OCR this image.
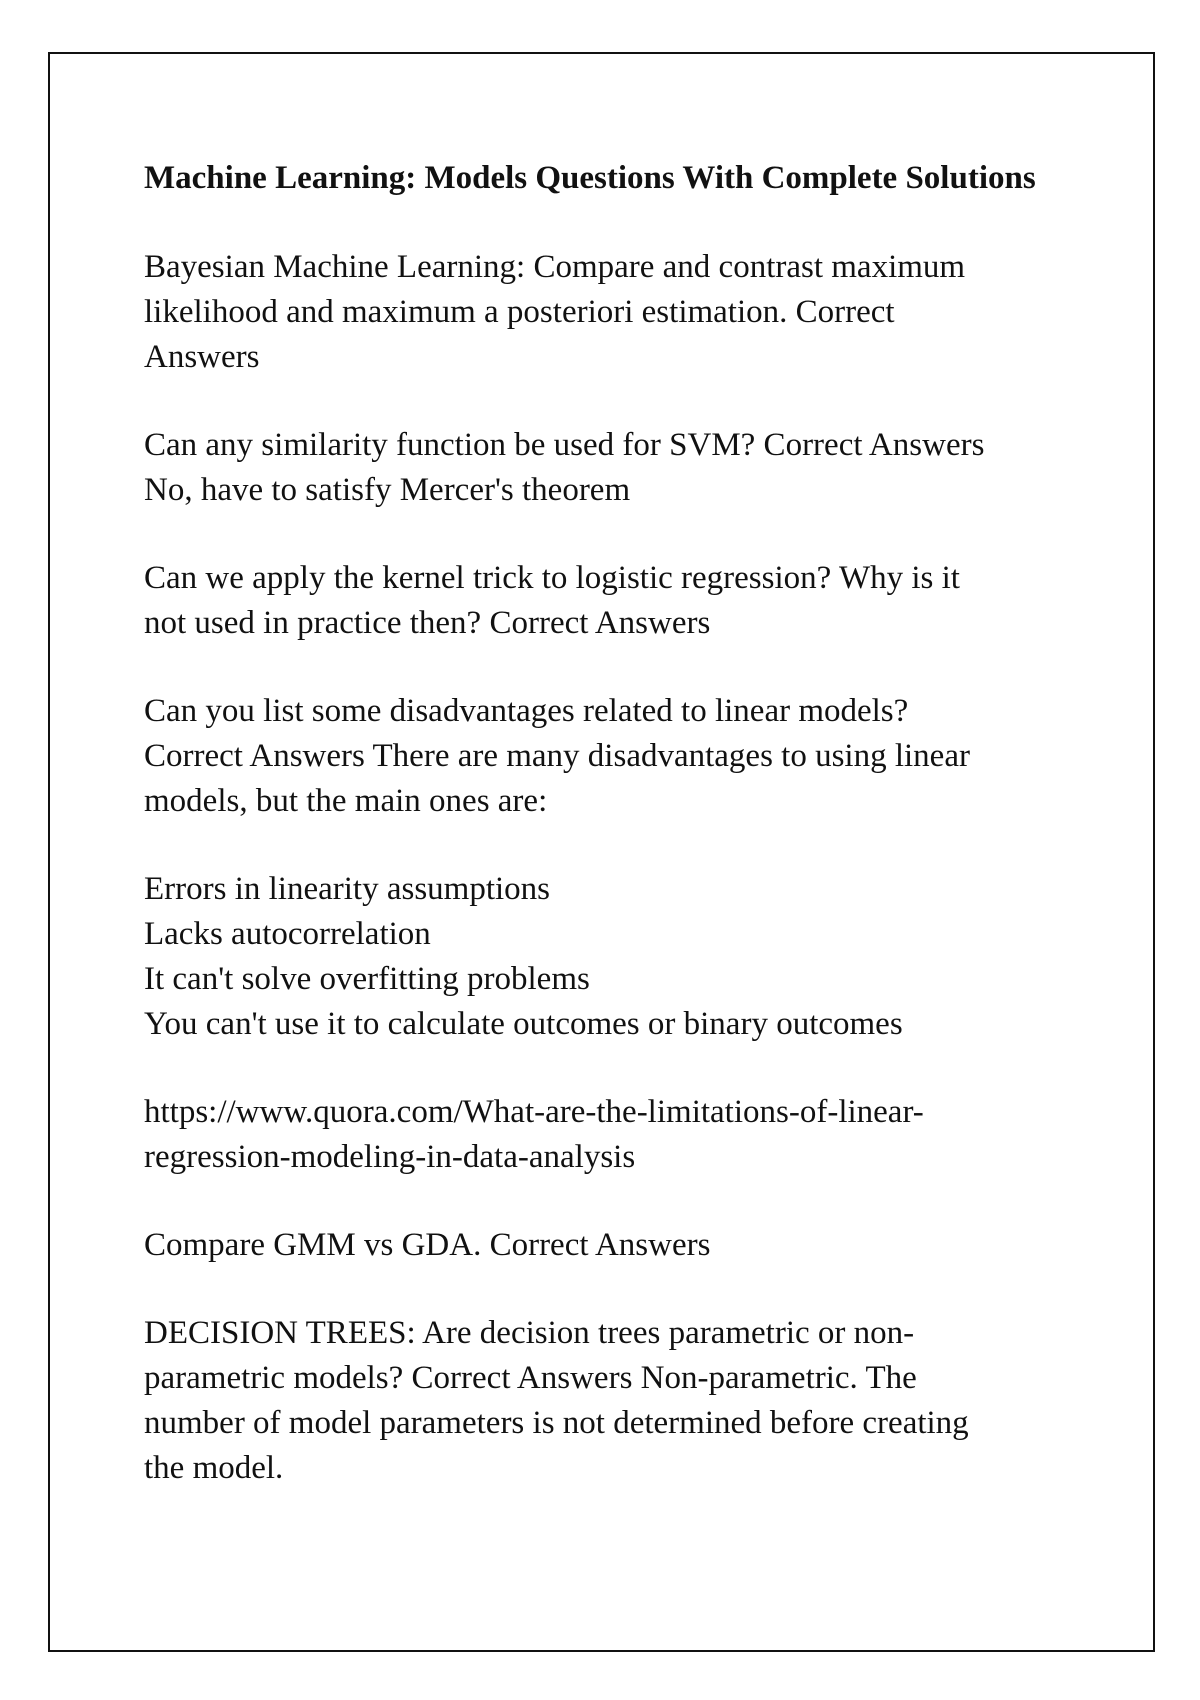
Machine Learning: Models Questions With Complete Solutions
Bayesian Machine Learning: Compare and contrast maximum
likelihood and maximum a posteriori estimation. Correct
Answers
Can any similarity function be used for SVM? Correct Answers
No, have to satisfy Mercer's theorem
Can we apply the kernel trick to logistic regression? Why is it
not used in practice then? Correct Answers
Can you list some disadvantages related to linear models?
Correct Answers There are many disadvantages to using linear
models, but the main ones are:
Errors in linearity assumptions
Lacks autocorrelation
It can't solve overfitting problems
You can't use it to calculate outcomes or binary outcomes
https://www.quora.com/What-are-the-limitations-of-linear-
regression-modeling-in-data-analysis
Compare GMM vs GDA. Correct Answers
DECISION TREES: Are decision trees parametric or non-
parametric models? Correct Answers Non-parametric. The
number of model parameters is not determined before creating
the model.
